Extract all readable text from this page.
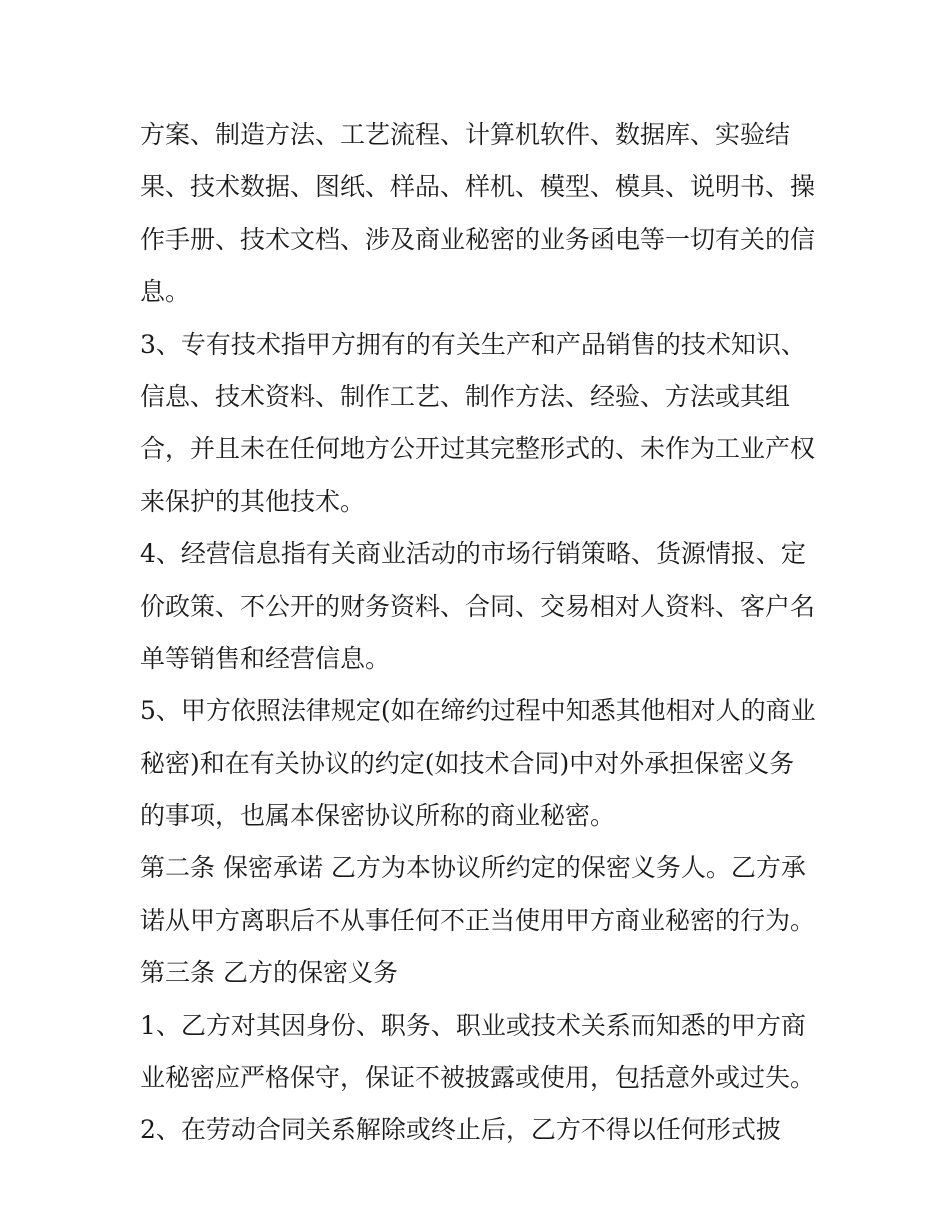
方案、制造方法、工艺流程、计算机软件、数据库、实验结
果、技术数据、图纸、样品、样机、模型、模具、说明书、操
作手册、技术文档、涉及商业秘密的业务函电等一切有关的信
息。
3、专有技术指甲方拥有的有关生产和产品销售的技术知识、
信息、技术资料、制作工艺、制作方法、经验、方法或其组
合，并且未在任何地方公开过其完整形式的、未作为工业产权
来保护的其他技术。
4、经营信息指有关商业活动的市场行销策略、货源情报、定
价政策、不公开的财务资料、合同、交易相对人资料、客户名
单等销售和经营信息。
5、甲方依照法律规定(如在缔约过程中知悉其他相对人的商业
秘密)和在有关协议的约定(如技术合同)中对外承担保密义务
的事项，也属本保密协议所称的商业秘密。
第二条 保密承诺 乙方为本协议所约定的保密义务人。乙方承
诺从甲方离职后不从事任何不正当使用甲方商业秘密的行为。
第三条 乙方的保密义务
1、乙方对其因身份、职务、职业或技术关系而知悉的甲方商
业秘密应严格保守，保证不被披露或使用，包括意外或过失。
2、在劳动合同关系解除或终止后，乙方不得以任何形式披
